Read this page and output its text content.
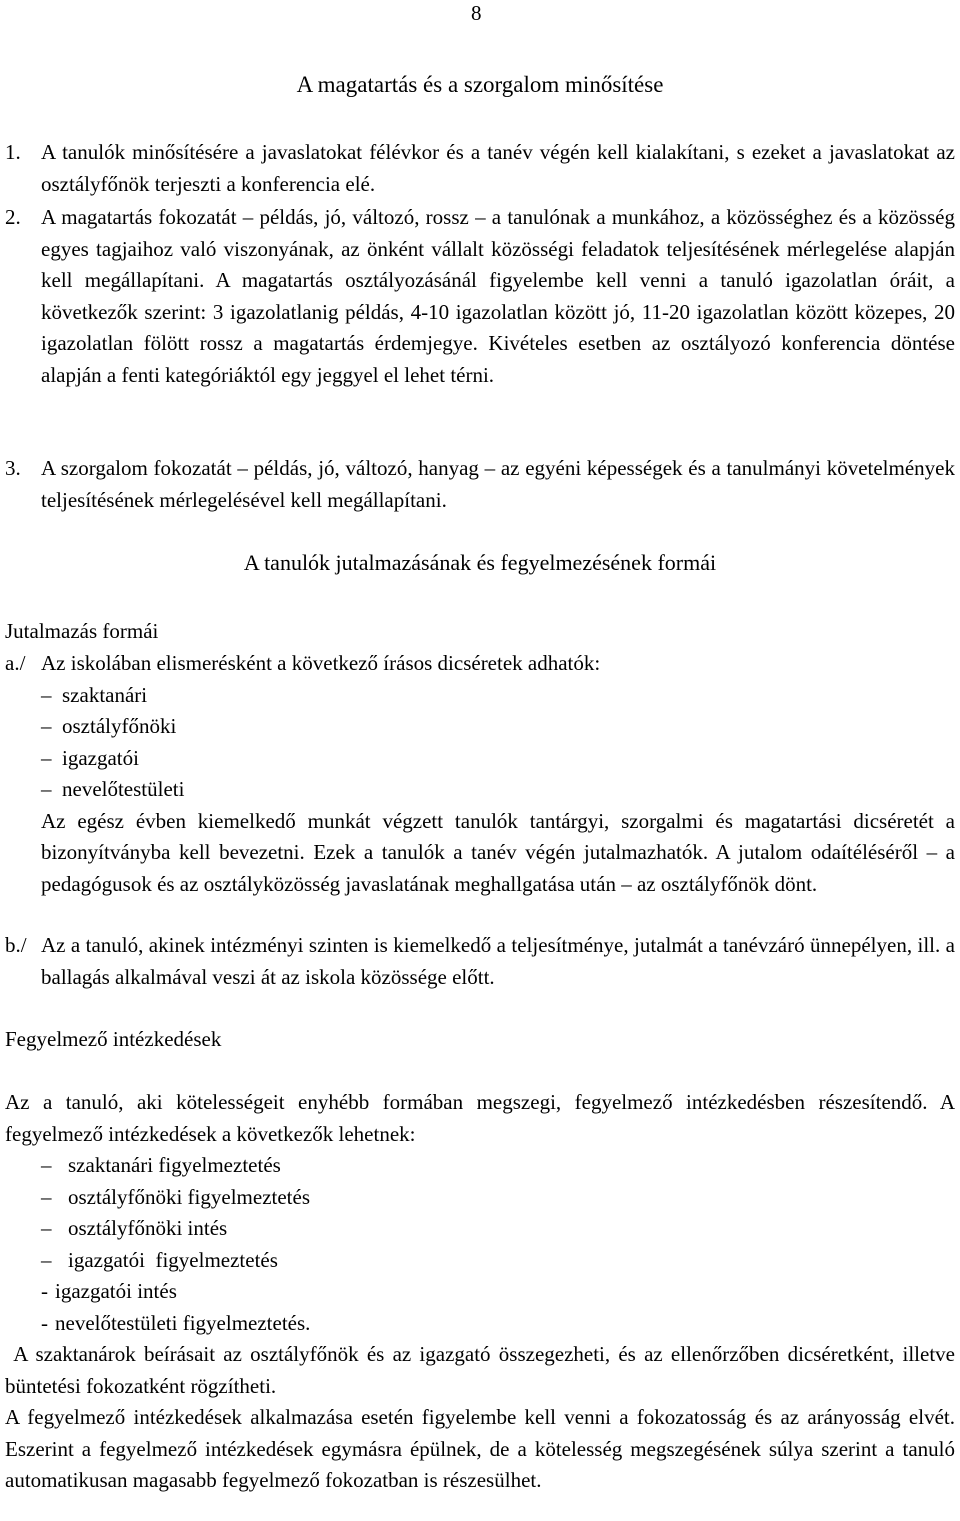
8
A magatartás és a szorgalom minősítése
1. A tanulók minősítésére a javaslatokat félévkor és a tanév végén kell kialakítani, s ezeket a javaslatokat az osztályfőnök terjeszti a konferencia elé.
2. A magatartás fokozatát – példás, jó, változó, rossz – a tanulónak a munkához, a közösséghez és a közösség egyes tagjaihoz való viszonyának, az önként vállalt közösségi feladatok teljesítésének mérlegelése alapján kell megállapítani. A magatartás osztályozásánál figyelembe kell venni a tanuló igazolatlan óráit, a következők szerint: 3 igazolatlanig példás, 4-10 igazolatlan között jó, 11-20 igazolatlan között közepes, 20 igazolatlan fölött rossz a magatartás érdemjegye. Kivételes esetben az osztályozó konferencia döntése alapján a fenti kategóriáktól egy jeggyel el lehet térni.
3. A szorgalom fokozatát – példás, jó, változó, hanyag – az egyéni képességek és a tanulmányi követelmények teljesítésének mérlegelésével kell megállapítani.
A tanulók jutalmazásának és fegyelmezésének formái
Jutalmazás formái
a./ Az iskolában elismerésként a következő írásos dicséretek adhatók:
– szaktanári
– osztályfőnöki
– igazgatói
– nevelőtestületi
Az egész évben kiemelkedő munkát végzett tanulók tantárgyi, szorgalmi és magatartási dicséretét a bizonyítványba kell bevezetni. Ezek a tanulók a tanév végén jutalmazhatók. A jutalom odaítéléséről – a pedagógusok és az osztályközösség javaslatának meghallgatása után – az osztályfőnök dönt.
b./ Az a tanuló, akinek intézményi szinten is kiemelkedő a teljesítménye, jutalmát a tanévzáró ünnepélyen, ill. a ballagás alkalmával veszi át az iskola közössége előtt.
Fegyelmező intézkedések
Az a tanuló, aki kötelességeit enyhébb formában megszegi, fegyelmező intézkedésben részesítendő. A fegyelmező intézkedések a következők lehetnek:
– szaktanári figyelmeztetés
– osztályfőnöki figyelmeztetés
– osztályfőnöki intés
– igazgatói  figyelmeztetés
- igazgatói intés
- nevelőtestületi figyelmeztetés.
A szaktanárok beírásait az osztályfőnök és az igazgató összegezheti, és az ellenőrzőben dicséretként, illetve büntetési fokozatként rögzítheti.
A fegyelmező intézkedések alkalmazása esetén figyelembe kell venni a fokozatosság és az arányosság elvét. Eszerint a fegyelmező intézkedések egymásra épülnek, de a kötelesség megszegésének súlya szerint a tanuló automatikusan magasabb fegyelmező fokozatban is részesülhet.
